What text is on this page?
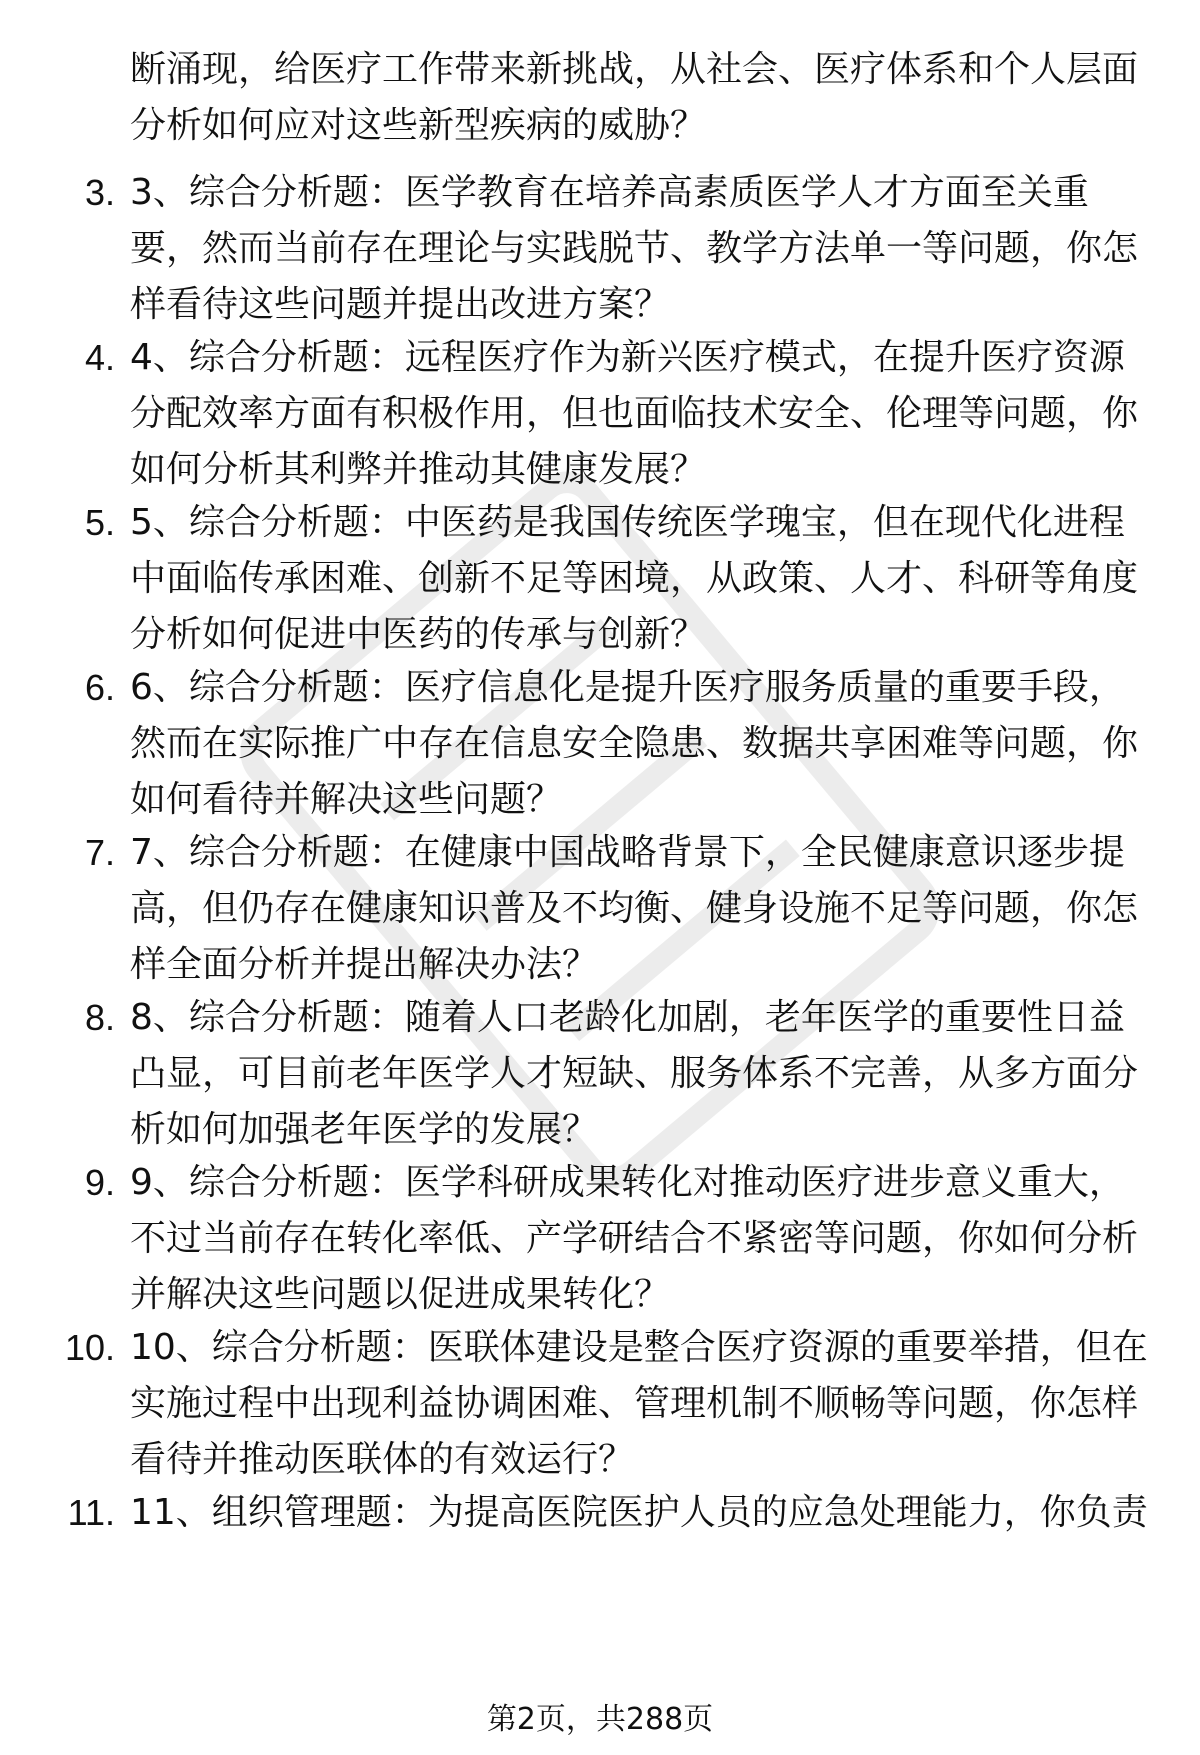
断涌现，给医疗工作带来新挑战，从社会、医疗体系和个人层面分析如何应对这些新型疾病的威胁？
3. 3、综合分析题：医学教育在培养高素质医学人才方面至关重要，然而当前存在理论与实践脱节、教学方法单一等问题，你怎样看待这些问题并提出改进方案？
4. 4、综合分析题：远程医疗作为新兴医疗模式，在提升医疗资源分配效率方面有积极作用，但也面临技术安全、伦理等问题，你如何分析其利弊并推动其健康发展？
5. 5、综合分析题：中医药是我国传统医学瑰宝，但在现代化进程中面临传承困难、创新不足等困境，从政策、人才、科研等角度分析如何促进中医药的传承与创新？
6. 6、综合分析题：医疗信息化是提升医疗服务质量的重要手段，然而在实际推广中存在信息安全隐患、数据共享困难等问题，你如何看待并解决这些问题？
7. 7、综合分析题：在健康中国战略背景下，全民健康意识逐步提高，但仍存在健康知识普及不均衡、健身设施不足等问题，你怎样全面分析并提出解决办法？
8. 8、综合分析题：随着人口老龄化加剧，老年医学的重要性日益凸显，可目前老年医学人才短缺、服务体系不完善，从多方面分析如何加强老年医学的发展？
9. 9、综合分析题：医学科研成果转化对推动医疗进步意义重大，不过当前存在转化率低、产学研结合不紧密等问题，你如何分析并解决这些问题以促进成果转化？
10. 10、综合分析题：医联体建设是整合医疗资源的重要举措，但在实施过程中出现利益协调困难、管理机制不顺畅等问题，你怎样看待并推动医联体的有效运行？
11. 11、组织管理题：为提高医院医护人员的应急处理能力，你负责
第2页，共288页
